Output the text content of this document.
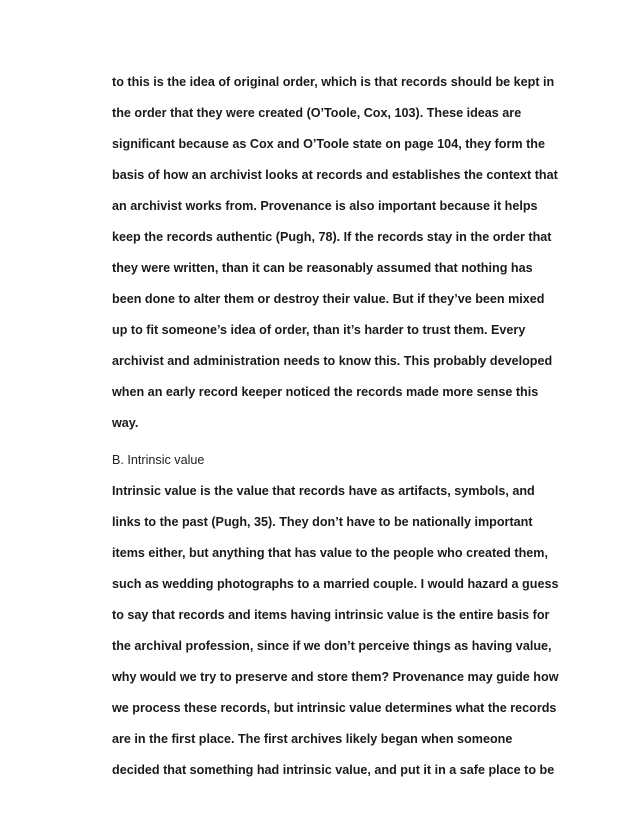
to this is the idea of original order, which is that records should be kept in

the order that they were created (O’Toole, Cox, 103). These ideas are

significant because as Cox and O’Toole state on page 104, they form the

basis of how an archivist looks at records and establishes the context that

an archivist works from. Provenance is also important because it helps

keep the records authentic (Pugh, 78). If the records stay in the order that

they were written, than it can be reasonably assumed that nothing has

been done to alter them or destroy their value. But if they’ve been mixed

up to fit someone’s idea of order, than it’s harder to trust them. Every

archivist and administration needs to know this. This probably developed

when an early record keeper noticed the records made more sense this

way.

B. Intrinsic value

Intrinsic value is the value that records have as artifacts, symbols, and

links to the past (Pugh, 35). They don’t have to be nationally important

items either, but anything that has value to the people who created them,

such as wedding photographs to a married couple. I would hazard a guess

to say that records and items having intrinsic value is the entire basis for

the archival profession, since if we don’t perceive things as having value,

why would we try to preserve and store them? Provenance may guide how

we process these records, but intrinsic value determines what the records

are in the first place. The first archives likely began when someone

decided that something had intrinsic value, and put it in a safe place to be
